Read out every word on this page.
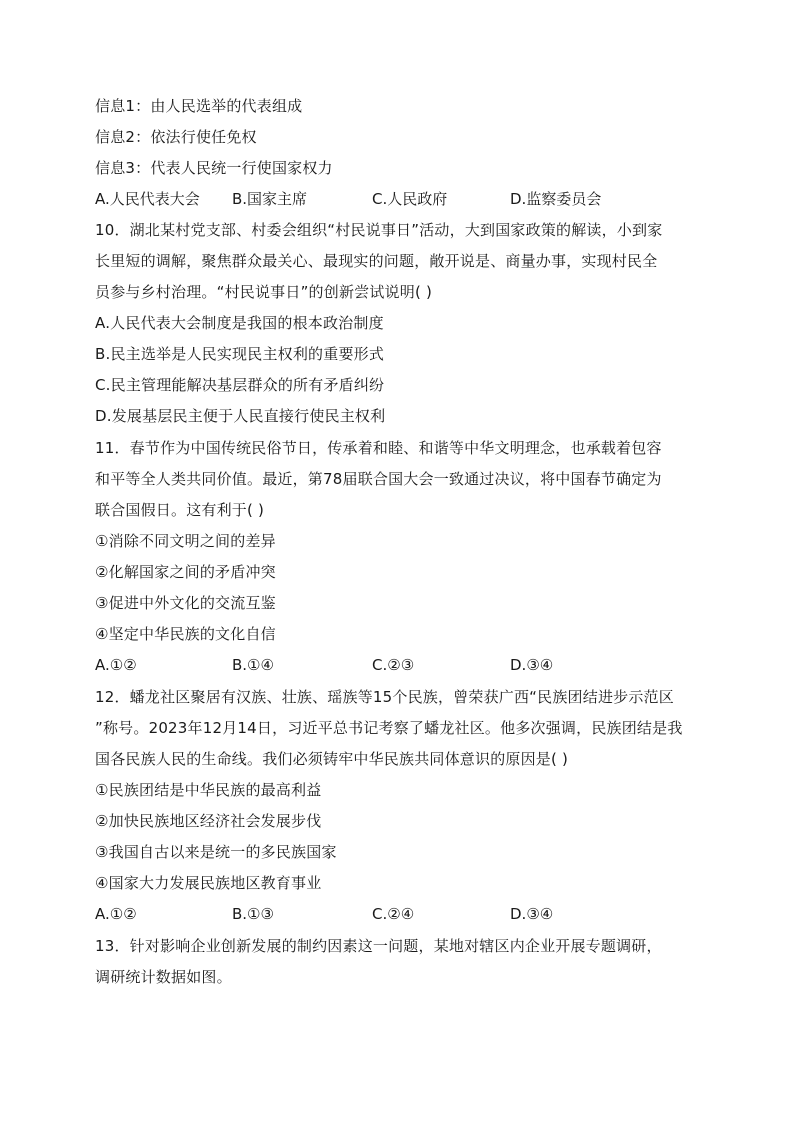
信息1：由人民选举的代表组成
信息2：依法行使任免权
信息3：代表人民统一行使国家权力
A.人民代表大会 B.国家主席	C.人民政府	D.监察委员会
10．湖北某村党支部、村委会组织“村民说事日”活动，大到国家政策的解读，小到家
长里短的调解，聚焦群众最关心、最现实的问题，敞开说是、商量办事，实现村民全
员参与乡村治理。“村民说事日”的创新尝试说明( )
A.人民代表大会制度是我国的根本政治制度
B.民主选举是人民实现民主权利的重要形式
C.民主管理能解决基层群众的所有矛盾纠纷
D.发展基层民主便于人民直接行使民主权利
11．春节作为中国传统民俗节日，传承着和睦、和谐等中华文明理念，也承载着包容
和平等全人类共同价值。最近，第78届联合国大会一致通过决议，将中国春节确定为
联合国假日。这有利于( )
①消除不同文明之间的差异
②化解国家之间的矛盾冲突
③促进中外文化的交流互鉴
④坚定中华民族的文化自信
A.①②	B.①④	C.②③	D.③④
12．蟠龙社区聚居有汉族、壮族、瑶族等15个民族，曾荣获广西“民族团结进步示范区
”称号。2023年12月14日，习近平总书记考察了蟠龙社区。他多次强调，民族团结是我
国各民族人民的生命线。我们必须铸牢中华民族共同体意识的原因是( )
①民族团结是中华民族的最高利益
②加快民族地区经济社会发展步伐
③我国自古以来是统一的多民族国家
④国家大力发展民族地区教育事业
A.①②	B.①③	C.②④	D.③④
13．针对影响企业创新发展的制约因素这一问题，某地对辖区内企业开展专题调研，
调研统计数据如图。
